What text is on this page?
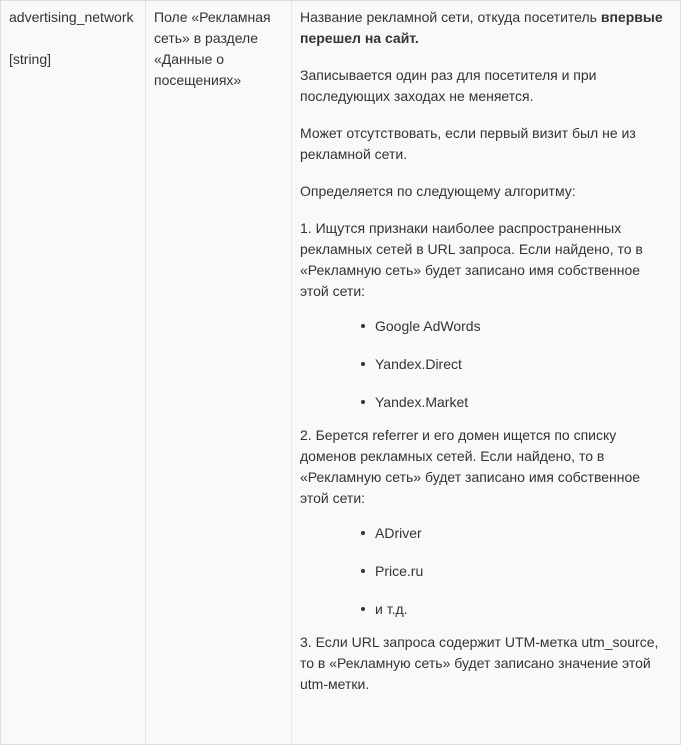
advertising_network
[string]
Поле «Рекламная сеть» в разделе «Данные о посещениях»

Название рекламной сети, откуда посетитель впервые перешел на сайт.

Записывается один раз для посетителя и при последующих заходах не меняется.

Может отсутствовать, если первый визит был не из рекламной сети.

Определяется по следующему алгоритму:

1. Ищутся признаки наиболее распространенных рекламных сетей в URL запроса. Если найдено, то в «Рекламную сеть» будет записано имя собственное этой сети:

Google AdWords
Yandex.Direct
Yandex.Market

2. Берется referrer и его домен ищется по списку доменов рекламных сетей. Если найдено, то в «Рекламную сеть» будет записано имя собственное этой сети:

ADriver
Price.ru
и т.д.

3. Если URL запроса содержит UTM-метка utm_source, то в «Рекламную сеть» будет записано значение этой utm-метки.
